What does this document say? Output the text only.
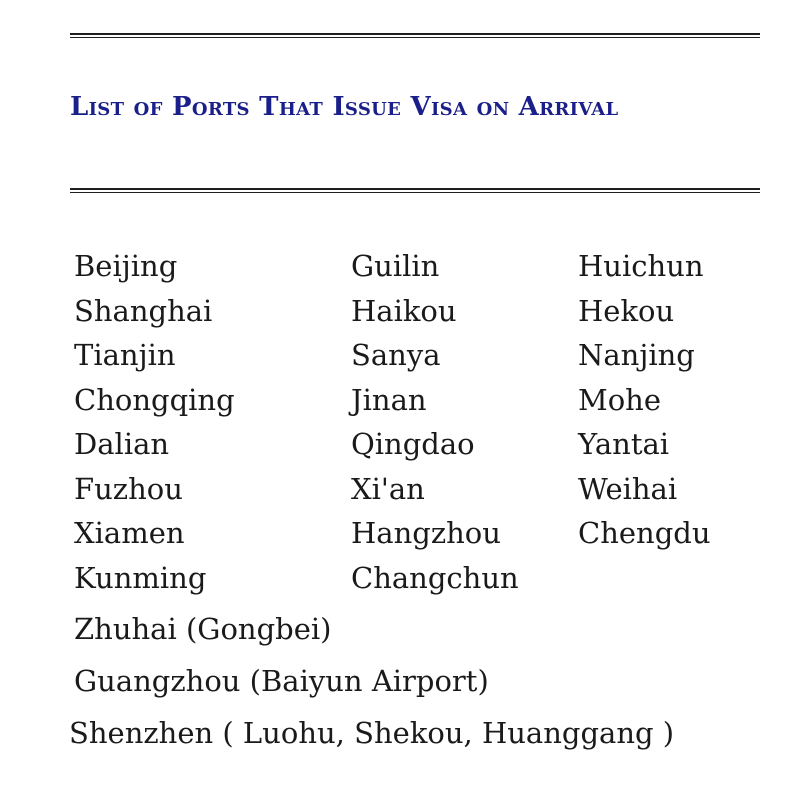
List of Ports That Issue Visa on Arrival
Beijing
Shanghai
Tianjin
Chongqing
Dalian
Fuzhou
Xiamen
Kunming
Guilin
Haikou
Sanya
Jinan
Qingdao
Xi'an
Hangzhou
Changchun
Huichun
Hekou
Nanjing
Mohe
Yantai
Weihai
Chengdu
Zhuhai (Gongbei)
Guangzhou (Baiyun Airport)
Shenzhen ( Luohu, Shekou, Huanggang )
